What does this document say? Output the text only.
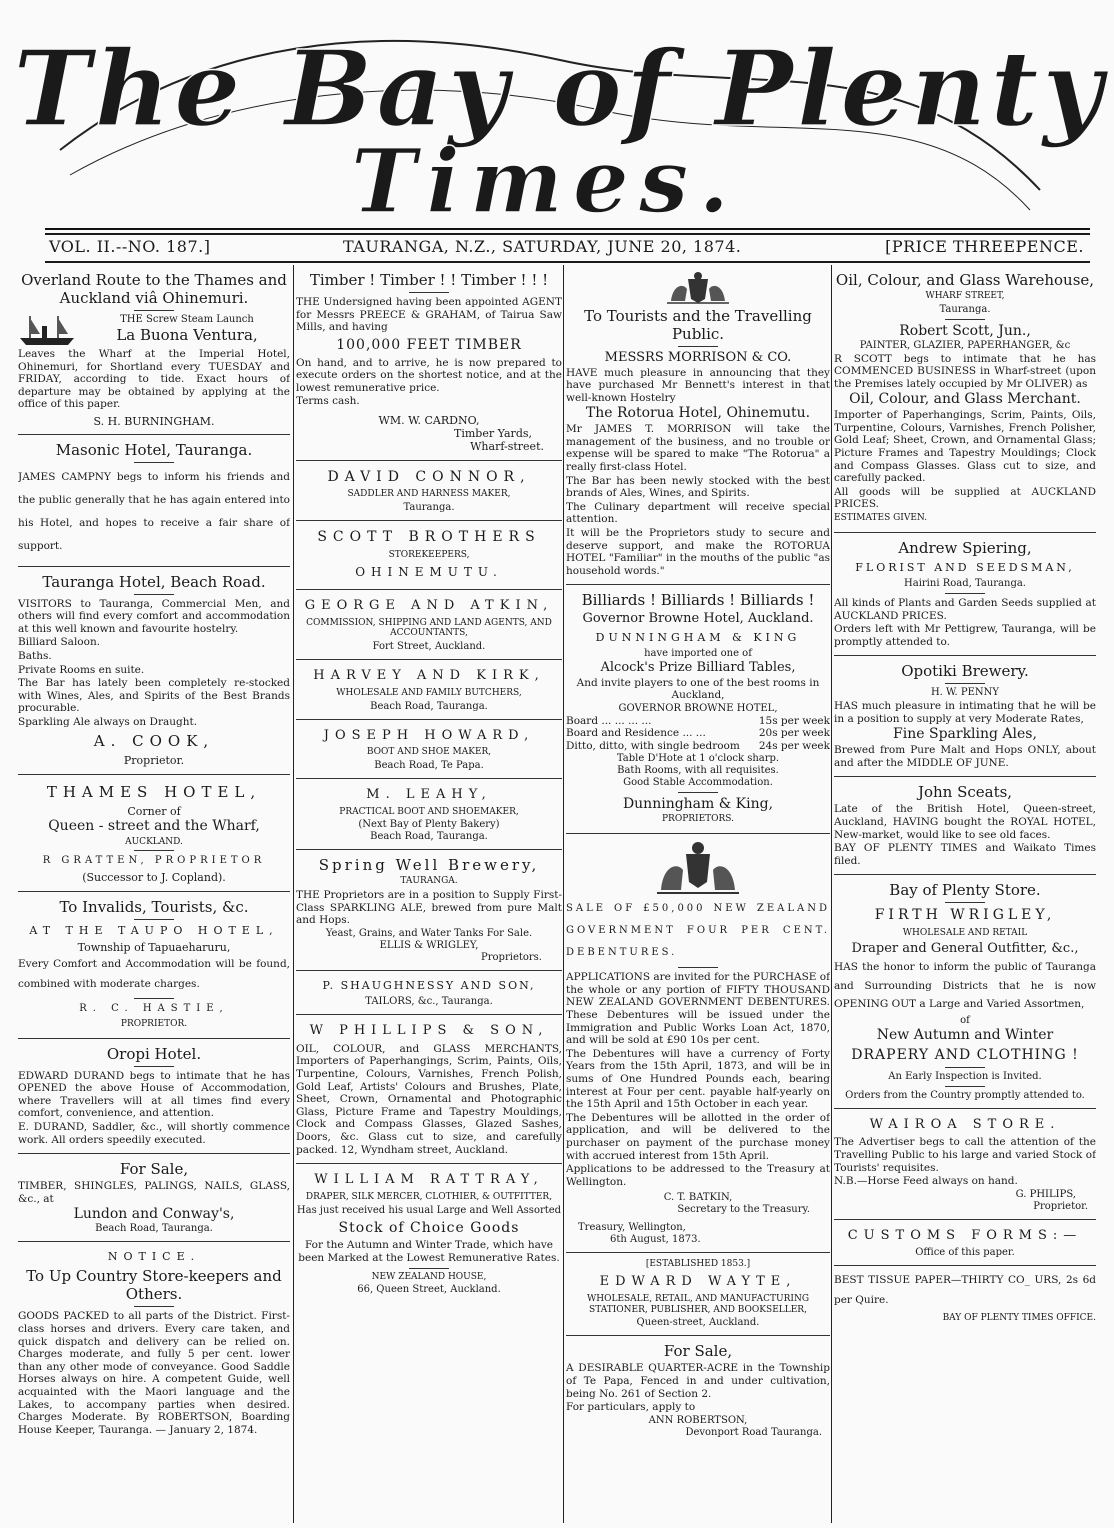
The Bay of Plenty
Times.
VOL. II.--NO. 187.]	TAURANGA, N.Z., SATURDAY, JUNE 20, 1874.	[PRICE THREEPENCE.
Overland Route to the Thames and Auckland viâ Ohinemuri.
THE Screw Steam Launch
La Buona Ventura,
Leaves the Wharf at the Imperial Hotel, Ohinemuri, for Shortland every TUESDAY and FRIDAY, according to tide. Exact hours of departure may be obtained by applying at the office of this paper.
S. H. BURNINGHAM.
Masonic Hotel, Tauranga.
JAMES CAMPNY begs to inform his friends and the public generally that he has again entered into his Hotel, and hopes to receive a fair share of support.
Tauranga Hotel, Beach Road.
VISITORS to Tauranga, Commercial Men, and others will find every comfort and accommodation at this well known and favourite hostelry.
Billiard Saloon.
Baths.
Private Rooms en suite.
The Bar has lately been completely re-stocked with Wines, Ales, and Spirits of the Best Brands procurable.
Sparkling Ale always on Draught.
A. COOK,
Proprietor.
THAMES HOTEL,
Corner of
Queen - street and the Wharf,
AUCKLAND.
R GRATTEN, PROPRIETOR
(Successor to J. Copland).
To Invalids, Tourists, &c.
AT THE TAUPO HOTEL,
Township of Tapuaeharuru,
Every Comfort and Accommodation will be found, combined with moderate charges.
R. C. HASTIE,
PROPRIETOR.
Oropi Hotel.
EDWARD DURAND begs to intimate that he has OPENED the above House of Accommodation, where Travellers will at all times find every comfort, convenience, and attention.
E. DURAND, Saddler, &c., will shortly commence work. All orders speedily executed.
For Sale,
TIMBER, SHINGLES, PALINGS, NAILS, GLASS, &c., at
Lundon and Conway's,
Beach Road, Tauranga.
NOTICE.
To Up Country Store-keepers and Others.
GOODS PACKED to all parts of the District. First-class horses and drivers. Every care taken, and quick dispatch and delivery can be relied on. Charges moderate, and fully 5 per cent. lower than any other mode of conveyance. Good Saddle Horses always on hire. A competent Guide, well acquainted with the Maori language and the Lakes, to accompany parties when desired. Charges Moderate. By ROBERTSON, Boarding House Keeper, Tauranga. — January 2, 1874.
Timber ! Timber ! ! Timber ! ! !
THE Undersigned having been appointed AGENT for Messrs PREECE & GRAHAM, of Tairua Saw Mills, and having
100,000 FEET TIMBER
On hand, and to arrive, he is now prepared to execute orders on the shortest notice, and at the lowest remunerative price.
Terms cash.
WM. W. CARDNO,
Timber Yards,
Wharf-street.
DAVID CONNOR,
SADDLER AND HARNESS MAKER,
Tauranga.
SCOTT BROTHERS
STOREKEEPERS,
OHINEMUTU.
GEORGE AND ATKIN,
COMMISSION, SHIPPING AND LAND AGENTS, AND ACCOUNTANTS,
Fort Street, Auckland.
HARVEY AND KIRK,
WHOLESALE AND FAMILY BUTCHERS,
Beach Road, Tauranga.
JOSEPH HOWARD,
BOOT AND SHOE MAKER,
Beach Road, Te Papa.
M. LEAHY,
PRACTICAL BOOT AND SHOEMAKER,
(Next Bay of Plenty Bakery)
Beach Road, Tauranga.
Spring Well Brewery,
TAURANGA.
THE Proprietors are in a position to Supply First-Class SPARKLING ALE, brewed from pure Malt and Hops.
Yeast, Grains, and Water Tanks For Sale.
ELLIS & WRIGLEY,
Proprietors.
P. SHAUGHNESSY AND SON,
TAILORS, &c., Tauranga.
W PHILLIPS & SON,
OIL, COLOUR, and GLASS MERCHANTS, Importers of Paperhangings, Scrim, Paints, Oils, Turpentine, Colours, Varnishes, French Polish, Gold Leaf, Artists' Colours and Brushes, Plate, Sheet, Crown, Ornamental and Photographic Glass, Picture Frame and Tapestry Mouldings, Clock and Compass Glasses, Glazed Sashes, Doors, &c. Glass cut to size, and carefully packed. 12, Wyndham street, Auckland.
WILLIAM RATTRAY,
DRAPER, SILK MERCER, CLOTHIER, & OUTFITTER,
Has just received his usual Large and Well Assorted
Stock of Choice Goods
For the Autumn and Winter Trade, which have been Marked at the Lowest Remunerative Rates.
NEW ZEALAND HOUSE,
66, Queen Street, Auckland.
To Tourists and the Travelling Public.
MESSRS MORRISON & CO.
HAVE much pleasure in announcing that they have purchased Mr Bennett's interest in that well-known Hostelry
The Rotorua Hotel, Ohinemutu.
Mr JAMES T. MORRISON will take the management of the business, and no trouble or expense will be spared to make "The Rotorua" a really first-class Hotel.
The Bar has been newly stocked with the best brands of Ales, Wines, and Spirits.
The Culinary department will receive special attention.
It will be the Proprietors study to secure and deserve support, and make the ROTORUA HOTEL "Familiar" in the mouths of the public "as household words."
Billiards ! Billiards ! Billiards !
Governor Browne Hotel, Auckland.
DUNNINGHAM & KING
have imported one of
Alcock's Prize Billiard Tables,
And invite players to one of the best rooms in Auckland,
GOVERNOR BROWNE HOTEL,
Board ... ... ... ...	15s per week
Board and Residence ... ...	20s per week
Ditto, ditto, with single bedroom 24s per week
Table D'Hote at 1 o'clock sharp.
Bath Rooms, with all requisites.
Good Stable Accommodation.
Dunningham & King,
PROPRIETORS.
SALE OF £50,000 NEW ZEALAND GOVERNMENT FOUR PER CENT. DEBENTURES.
APPLICATIONS are invited for the PURCHASE of the whole or any portion of FIFTY THOUSAND NEW ZEALAND GOVERNMENT DEBENTURES. These Debentures will be issued under the Immigration and Public Works Loan Act, 1870, and will be sold at £90 10s per cent.
The Debentures will have a currency of Forty Years from the 15th April, 1873, and will be in sums of One Hundred Pounds each, bearing interest at Four per cent. payable half-yearly on the 15th April and 15th October in each year.
The Debentures will be allotted in the order of application, and will be delivered to the purchaser on payment of the purchase money with accrued interest from 15th April.
Applications to be addressed to the Treasury at Wellington.
C. T. BATKIN,
Secretary to the Treasury.
Treasury, Wellington,
6th August, 1873.
[ESTABLISHED 1853.]
EDWARD WAYTE,
WHOLESALE, RETAIL, AND MANUFACTURING STATIONER, PUBLISHER, AND BOOKSELLER,
Queen-street, Auckland.
For Sale,
A DESIRABLE QUARTER-ACRE in the Township of Te Papa, Fenced in and under cultivation, being No. 261 of Section 2.
For particulars, apply to
ANN ROBERTSON,
Devonport Road Tauranga.
Oil, Colour, and Glass Warehouse,
WHARF STREET,
Tauranga.
Robert Scott, Jun.,
PAINTER, GLAZIER, PAPERHANGER, &c
R SCOTT begs to intimate that he has COMMENCED BUSINESS in Wharf-street (upon the Premises lately occupied by Mr OLIVER) as
Oil, Colour, and Glass Merchant.
Importer of Paperhangings, Scrim, Paints, Oils, Turpentine, Colours, Varnishes, French Polisher, Gold Leaf; Sheet, Crown, and Ornamental Glass; Picture Frames and Tapestry Mouldings; Clock and Compass Glasses. Glass cut to size, and carefully packed.
All goods will be supplied at AUCKLAND PRICES.
ESTIMATES GIVEN.
Andrew Spiering,
FLORIST AND SEEDSMAN,
Hairini Road, Tauranga.
All kinds of Plants and Garden Seeds supplied at AUCKLAND PRICES.
Orders left with Mr Pettigrew, Tauranga, will be promptly attended to.
Opotiki Brewery.
H. W. PENNY
HAS much pleasure in intimating that he will be in a position to supply at very Moderate Rates,
Fine Sparkling Ales,
Brewed from Pure Malt and Hops ONLY, about and after the MIDDLE OF JUNE.
John Sceats,
Late of the British Hotel, Queen-street, Auckland, HAVING bought the ROYAL HOTEL, New-market, would like to see old faces.
BAY OF PLENTY TIMES and Waikato Times filed.
Bay of Plenty Store.
FIRTH WRIGLEY,
WHOLESALE AND RETAIL
Draper and General Outfitter, &c.,
HAS the honor to inform the public of Tauranga and Surrounding Districts that he is now OPENING OUT a Large and Varied Assortmen,
of
New Autumn and Winter
DRAPERY AND CLOTHING !
An Early Inspection is Invited.
Orders from the Country promptly attended to.
WAIROA STORE.
The Advertiser begs to call the attention of the Travelling Public to his large and varied Stock of Tourists' requisites.
N.B.—Horse Feed always on hand.
G. PHILIPS,
Proprietor.
CUSTOMS FORMS:—
Office of this paper.
BEST TISSUE PAPER—THIRTY CO_ URS, 2s 6d per Quire.
BAY OF PLENTY TIMES OFFICE.
